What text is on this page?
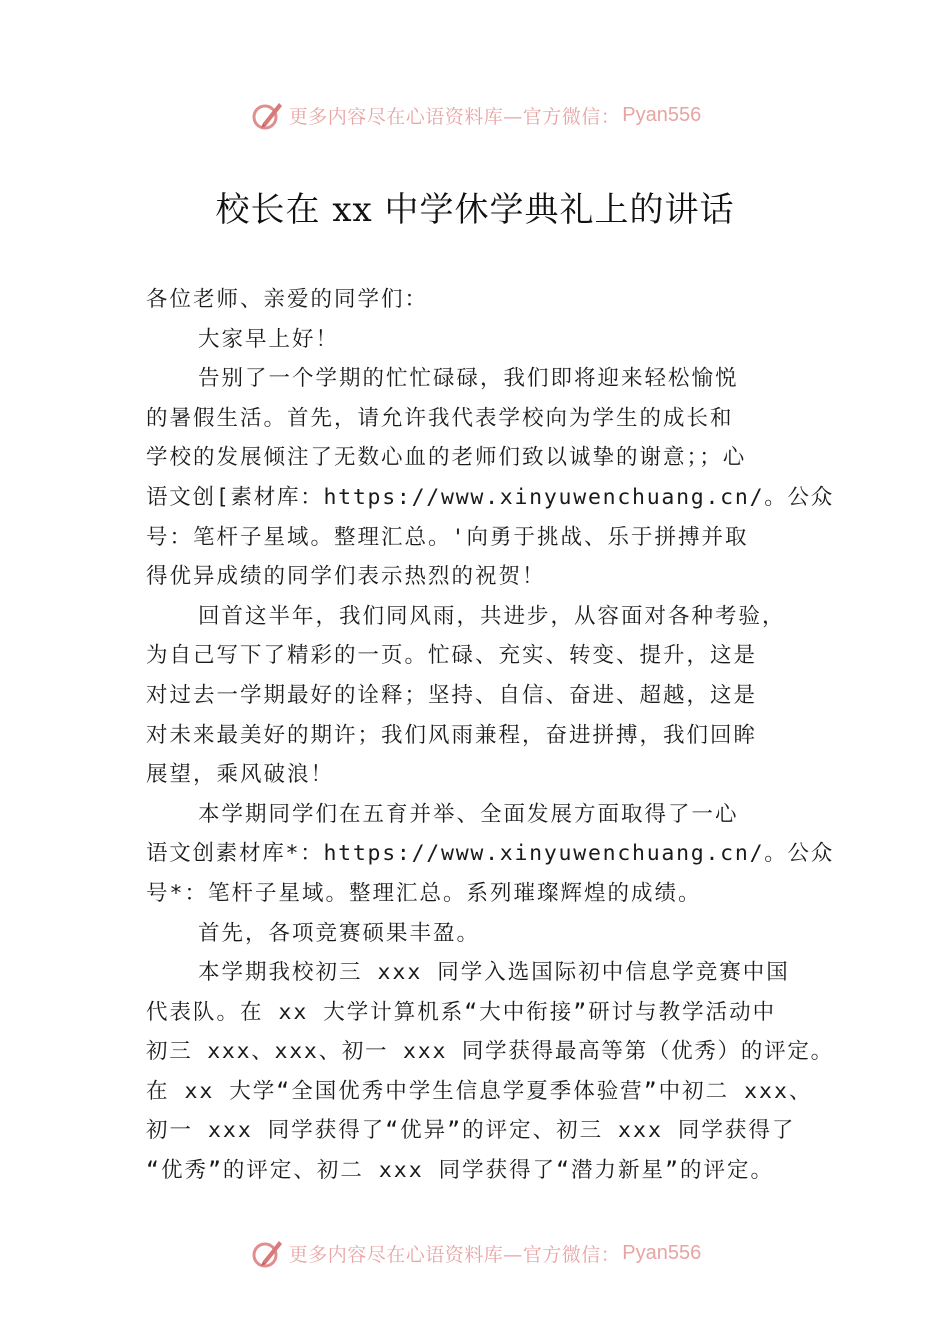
更多内容尽在心语资料库—官方微信： Pyan556
校长在 xx 中学休学典礼上的讲话
各位老师、亲爱的同学们：
大家早上好！
告别了一个学期的忙忙碌碌，我们即将迎来轻松愉悦
的暑假生活。首先，请允许我代表学校向为学生的成长和
学校的发展倾注了无数心血的老师们致以诚挚的谢意；；心
语文创[素材库：https://www.xinyuwenchuang.cn/。公众
号：笔杆子星域。整理汇总。'向勇于挑战、乐于拼搏并取
得优异成绩的同学们表示热烈的祝贺！
回首这半年，我们同风雨，共进步，从容面对各种考验，
为自己写下了精彩的一页。忙碌、充实、转变、提升，这是
对过去一学期最好的诠释；坚持、自信、奋进、超越，这是
对未来最美好的期许；我们风雨兼程，奋进拼搏，我们回眸
展望，乘风破浪！
本学期同学们在五育并举、全面发展方面取得了一心
语文创素材库*：https://www.xinyuwenchuang.cn/。公众
号*：笔杆子星域。整理汇总。系列璀璨辉煌的成绩。
首先，各项竞赛硕果丰盈。
本学期我校初三 xxx 同学入选国际初中信息学竞赛中国
代表队。在 xx 大学计算机系“大中衔接”研讨与教学活动中
初三 xxx、xxx、初一 xxx 同学获得最高等第（优秀）的评定。
在 xx 大学“全国优秀中学生信息学夏季体验营”中初二 xxx、
初一 xxx 同学获得了“优异”的评定、初三 xxx 同学获得了
“优秀”的评定、初二 xxx 同学获得了“潜力新星”的评定。
更多内容尽在心语资料库—官方微信： Pyan556
